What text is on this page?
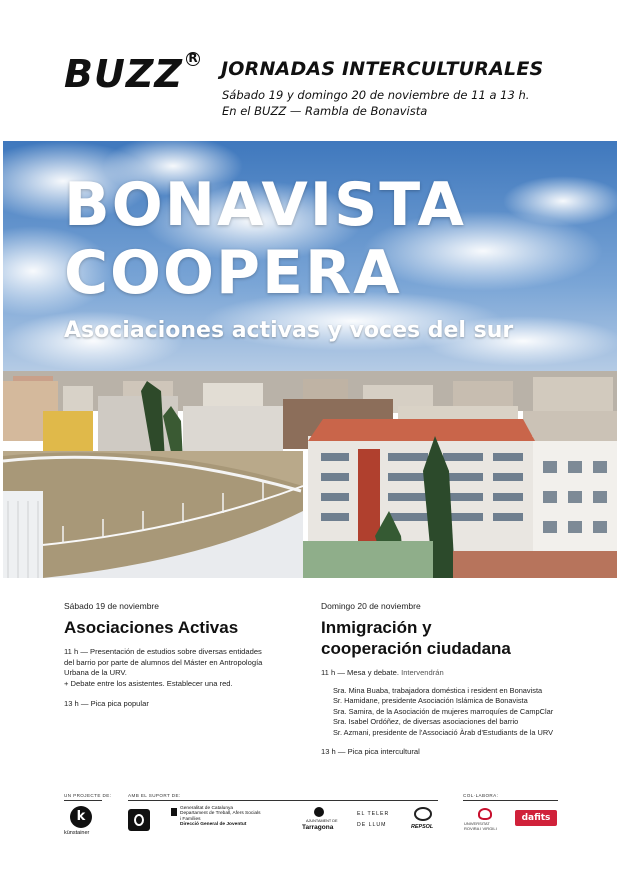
BUZZ R JORNADAS INTERCULTURALES
Sábado 19 y domingo 20 de noviembre de 11 a 13 h.
En el BUZZ — Rambla de Bonavista
BONAVISTA
COOPERA
Asociaciones activas y voces del sur
Sábado 19 de noviembre
Asociaciones Activas
11 h — Presentación de estudios sobre diversas entidades
del barrio por parte de alumnos del Máster en Antropología
Urbana de la URV.
+ Debate entre los asistentes. Establecer una red.
13 h — Pica pica popular
Domingo 20 de noviembre
Inmigración y
cooperación ciudadana
11 h — Mesa y debate. Intervendrán
Sra. Mina Buaba, trabajadora doméstica i resident en Bonavista
Sr. Hamidane, presidente Asociación Islámica de Bonavista
Sra. Samira, de la Asociación de mujeres marroquíes de CampClar
Sra. Isabel Ordóñez, de diversas asociaciones del barrio
Sr. Azmani, presidente de l'Associació Àrab d'Estudiants de la URV
13 h — Pica pica intercultural
UN PROJECTE DE:	AMB EL SUPORT DE:	COL·LABORA:
k
künstainer
Generalitat de Catalunya
Departament de Treball, Afers Socials
i Famílies
Direcció General de Joventut
AJUNTAMENT DE
Tarragona
EL TELER
DE LLUM	REPSOL
UNIVERSITAT
ROVIRA I VIRGILI
dafits
